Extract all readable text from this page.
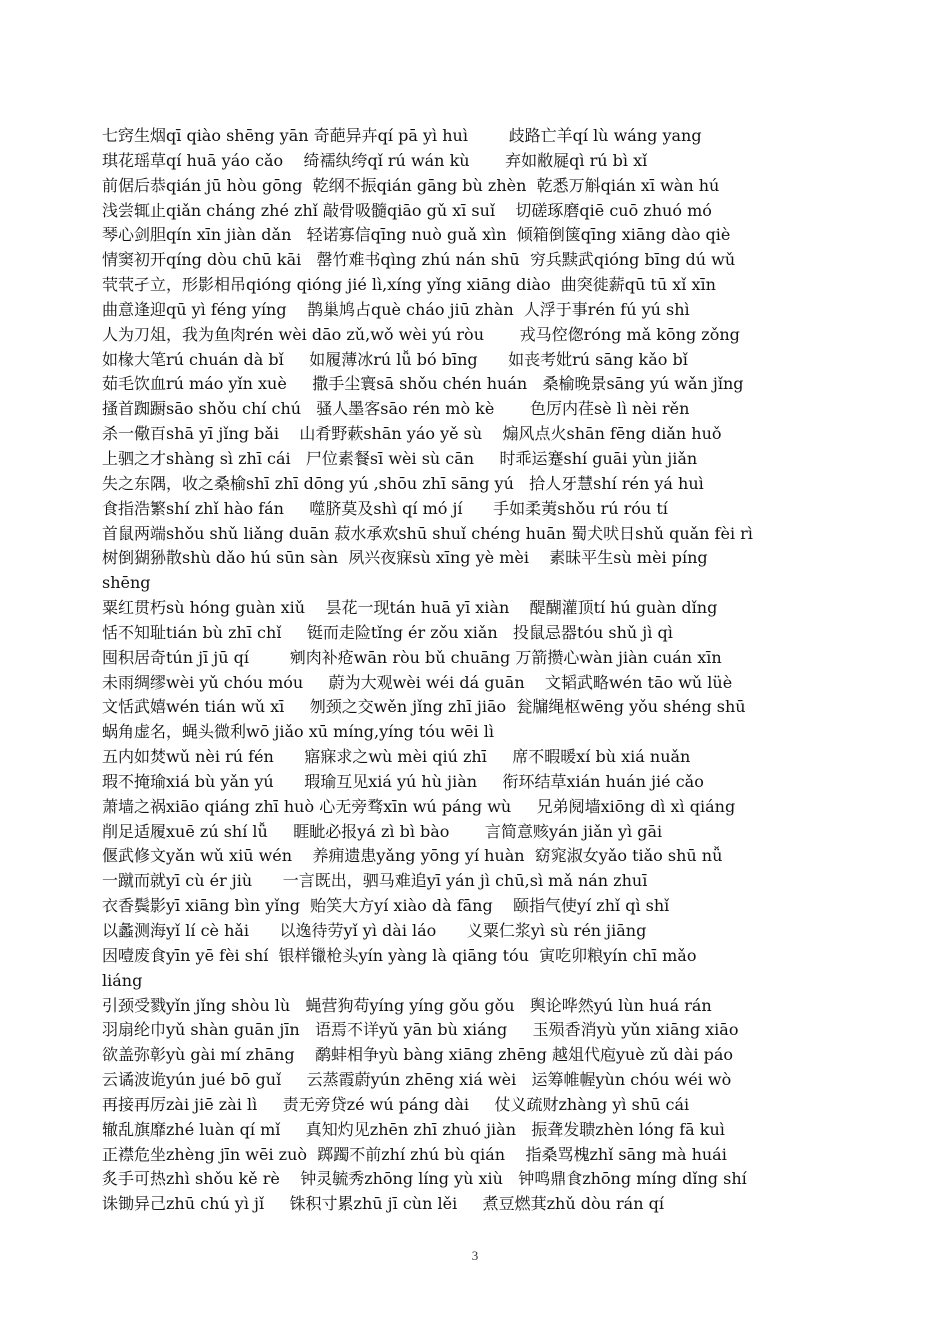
七窍生烟qī qiào shēng yān 奇葩异卉qí pā yì huì        歧路亡羊qí lù wáng yang
琪花瑶草qí huā yáo cǎo    绮襦纨绔qǐ rú wán kù       弃如敝屣qì rú bì xǐ
前倨后恭qián jū hòu gōng  乾纲不振qián gāng bù zhèn  乾悉万斛qián xī wàn hú
浅尝辄止qiǎn cháng zhé zhǐ 敲骨吸髓qiāo gǔ xī suǐ    切磋琢磨qiē cuō zhuó mó
琴心剑胆qín xīn jiàn dǎn   轻诺寡信qīng nuò guǎ xìn  倾箱倒箧qīng xiāng dào qiè
情窦初开qíng dòu chū kāi   罄竹难书qìng zhú nán shū  穷兵黩武qióng bīng dú wǔ
茕茕孑立，形影相吊qióng qióng jié lì,xíng yǐng xiāng diào  曲突徙薪qū tū xǐ xīn
曲意逢迎qū yì féng yíng    鹊巢鸠占què cháo jiū zhàn  人浮于事rén fú yú shì
人为刀俎，我为鱼肉rén wèi dāo zǔ,wǒ wèi yú ròu       戎马倥偬róng mǎ kōng zǒng
如椽大笔rú chuán dà bǐ     如履薄冰rú lǚ bó bīng      如丧考妣rú sāng kǎo bǐ
茹毛饮血rú máo yǐn xuè     撒手尘寰sā shǒu chén huán   桑榆晚景sāng yú wǎn jǐng
搔首踟蹰sāo shǒu chí chú   骚人墨客sāo rén mò kè       色厉内荏sè lì nèi rěn
杀一儆百shā yī jǐng bǎi    山肴野蔌shān yáo yě sù    煽风点火shān fēng diǎn huǒ
上驷之才shàng sì zhī cái   尸位素餐sī wèi sù cān     时乖运蹇shí guāi yùn jiǎn
失之东隅，收之桑榆shī zhī dōng yú ,shōu zhī sāng yú   拾人牙慧shí rén yá huì
食指浩繁shí zhǐ hào fán     噬脐莫及shì qí mó jí      手如柔荑shǒu rú róu tí
首鼠两端shǒu shǔ liǎng duān 菽水承欢shū shuǐ chéng huān 蜀犬吠日shǔ quǎn fèi rì
树倒猢狲散shù dǎo hú sūn sàn  夙兴夜寐sù xīng yè mèi    素昧平生sù mèi píng
shēng
粟红贯朽sù hóng guàn xiǔ    昙花一现tán huā yī xiàn    醍醐灌顶tí hú guàn dǐng
恬不知耻tián bù zhī chǐ     铤而走险tǐng ér zǒu xiǎn   投鼠忌器tóu shǔ jì qì
囤积居奇tún jī jū qí        剜肉补疮wān ròu bǔ chuāng 万箭攒心wàn jiàn cuán xīn
未雨绸缪wèi yǔ chóu móu     蔚为大观wèi wéi dá guān    文韬武略wén tāo wǔ lüè
文恬武嬉wén tián wǔ xī     刎颈之交wěn jǐng zhī jiāo  瓮牖绳枢wēng yǒu shéng shū
蜗角虚名，蝇头微利wō jiǎo xū míng,yíng tóu wēi lì
五内如焚wǔ nèi rú fén      寤寐求之wù mèi qiú zhī     席不暇暖xí bù xiá nuǎn
瑕不掩瑜xiá bù yǎn yú      瑕瑜互见xiá yú hù jiàn     衔环结草xián huán jié cǎo
萧墙之祸xiāo qiáng zhī huò 心无旁骛xīn wú páng wù     兄弟阋墙xiōng dì xì qiáng
削足适履xuē zú shí lǚ     睚眦必报yá zì bì bào       言简意赅yán jiǎn yì gāi
偃武修文yǎn wǔ xiū wén    养痈遗患yǎng yōng yí huàn  窈窕淑女yǎo tiǎo shū nǚ
一蹴而就yī cù ér jiù      一言既出，驷马难追yī yán jì chū,sì mǎ nán zhuī
衣香鬓影yī xiāng bìn yǐng  贻笑大方yí xiào dà fāng    颐指气使yí zhǐ qì shǐ
以蠡测海yǐ lí cè hǎi      以逸待劳yǐ yì dài láo      义粟仁浆yì sù rén jiāng
因噎废食yīn yē fèi shí  银样镴枪头yín yàng là qiāng tóu  寅吃卯粮yín chī mǎo
liáng
引颈受戮yǐn jǐng shòu lù   蝇营狗苟yíng yíng gǒu gǒu   舆论哗然yú lùn huá rán
羽扇纶巾yǔ shàn guān jīn   语焉不详yǔ yān bù xiáng     玉殒香消yù yǔn xiāng xiāo
欲盖弥彰yù gài mí zhāng    鹬蚌相争yù bàng xiāng zhēng 越俎代庖yuè zǔ dài páo
云谲波诡yún jué bō guǐ     云蒸霞蔚yún zhēng xiá wèi   运筹帷幄yùn chóu wéi wò
再接再厉zài jiē zài lì     责无旁贷zé wú páng dài     仗义疏财zhàng yì shū cái
辙乱旗靡zhé luàn qí mǐ     真知灼见zhēn zhī zhuó jiàn   振聋发聩zhèn lóng fā kuì
正襟危坐zhèng jīn wēi zuò  踯躅不前zhí zhú bù qián    指桑骂槐zhǐ sāng mà huái
炙手可热zhì shǒu kě rè    钟灵毓秀zhōng líng yù xiù   钟鸣鼎食zhōng míng dǐng shí
诛锄异己zhū chú yì jǐ     铢积寸累zhū jī cùn lěi     煮豆燃萁zhǔ dòu rán qí
3
